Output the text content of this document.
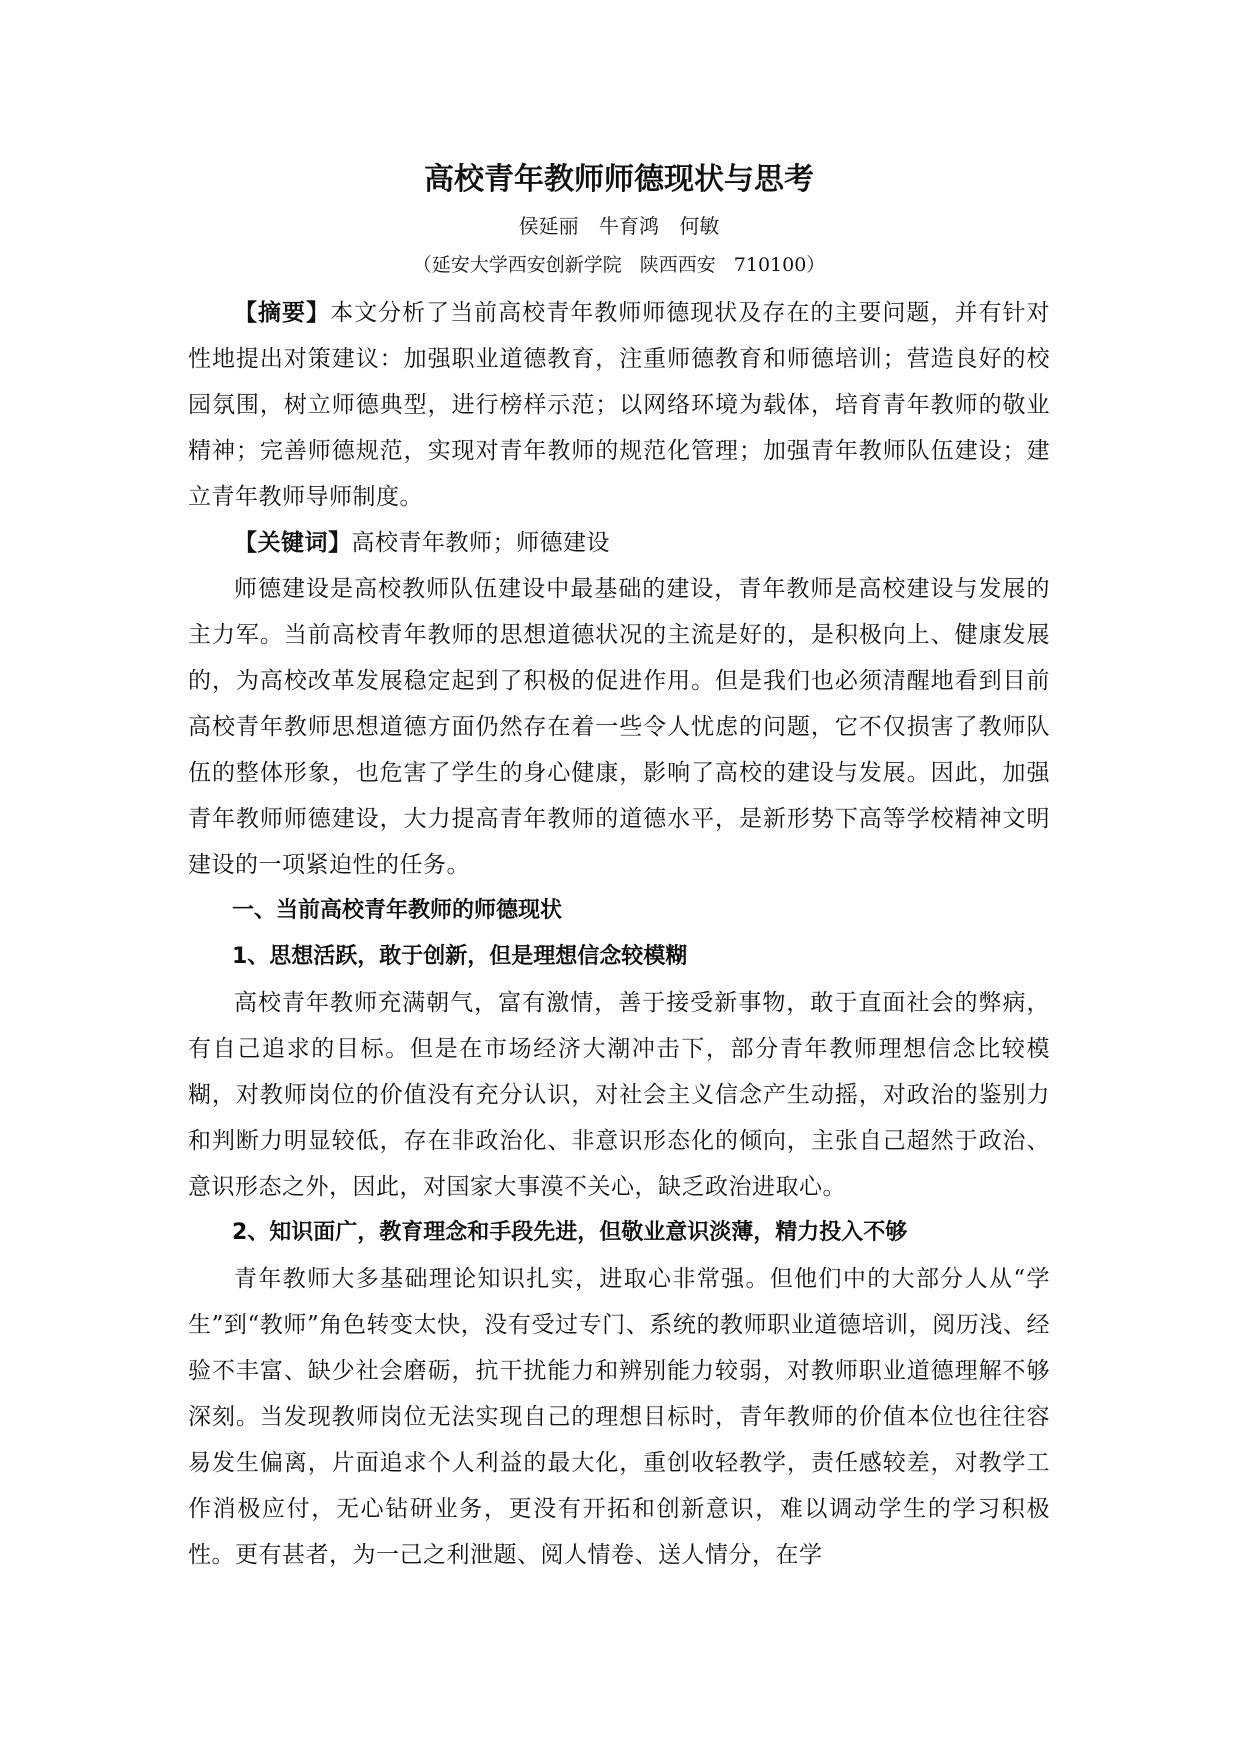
高校青年教师师德现状与思考

侯延丽 牛育鸿 何敏

（延安大学西安创新学院 陕西西安 710100）

【摘要】本文分析了当前高校青年教师师德现状及存在的主要问题，并有针对性地提出对策建议：加强职业道德教育，注重师德教育和师德培训；营造良好的校园氛围，树立师德典型，进行榜样示范；以网络环境为载体，培育青年教师的敬业精神；完善师德规范，实现对青年教师的规范化管理；加强青年教师队伍建设；建立青年教师导师制度。

【关键词】高校青年教师；师德建设

师德建设是高校教师队伍建设中最基础的建设，青年教师是高校建设与发展的主力军。当前高校青年教师的思想道德状况的主流是好的，是积极向上、健康发展的，为高校改革发展稳定起到了积极的促进作用。但是我们也必须清醒地看到目前高校青年教师思想道德方面仍然存在着一些令人忧虑的问题，它不仅损害了教师队伍的整体形象，也危害了学生的身心健康，影响了高校的建设与发展。因此，加强青年教师师德建设，大力提高青年教师的道德水平，是新形势下高等学校精神文明建设的一项紧迫性的任务。

一、当前高校青年教师的师德现状

1、思想活跃，敢于创新，但是理想信念较模糊

高校青年教师充满朝气，富有激情，善于接受新事物，敢于直面社会的弊病，有自己追求的目标。但是在市场经济大潮冲击下，部分青年教师理想信念比较模糊，对教师岗位的价值没有充分认识，对社会主义信念产生动摇，对政治的鉴别力和判断力明显较低，存在非政治化、非意识形态化的倾向，主张自己超然于政治、意识形态之外，因此，对国家大事漠不关心，缺乏政治进取心。

2、知识面广，教育理念和手段先进，但敬业意识淡薄，精力投入不够

青年教师大多基础理论知识扎实，进取心非常强。但他们中的大部分人从“学生”到“教师”角色转变太快，没有受过专门、系统的教师职业道德培训，阅历浅、经验不丰富、缺少社会磨砺，抗干扰能力和辨别能力较弱，对教师职业道德理解不够深刻。当发现教师岗位无法实现自己的理想目标时，青年教师的价值本位也往往容易发生偏离，片面追求个人利益的最大化，重创收轻教学，责任感较差，对教学工作消极应付，无心钻研业务，更没有开拓和创新意识，难以调动学生的学习积极性。更有甚者，为一己之利泄题、阅人情卷、送人情分，在学
